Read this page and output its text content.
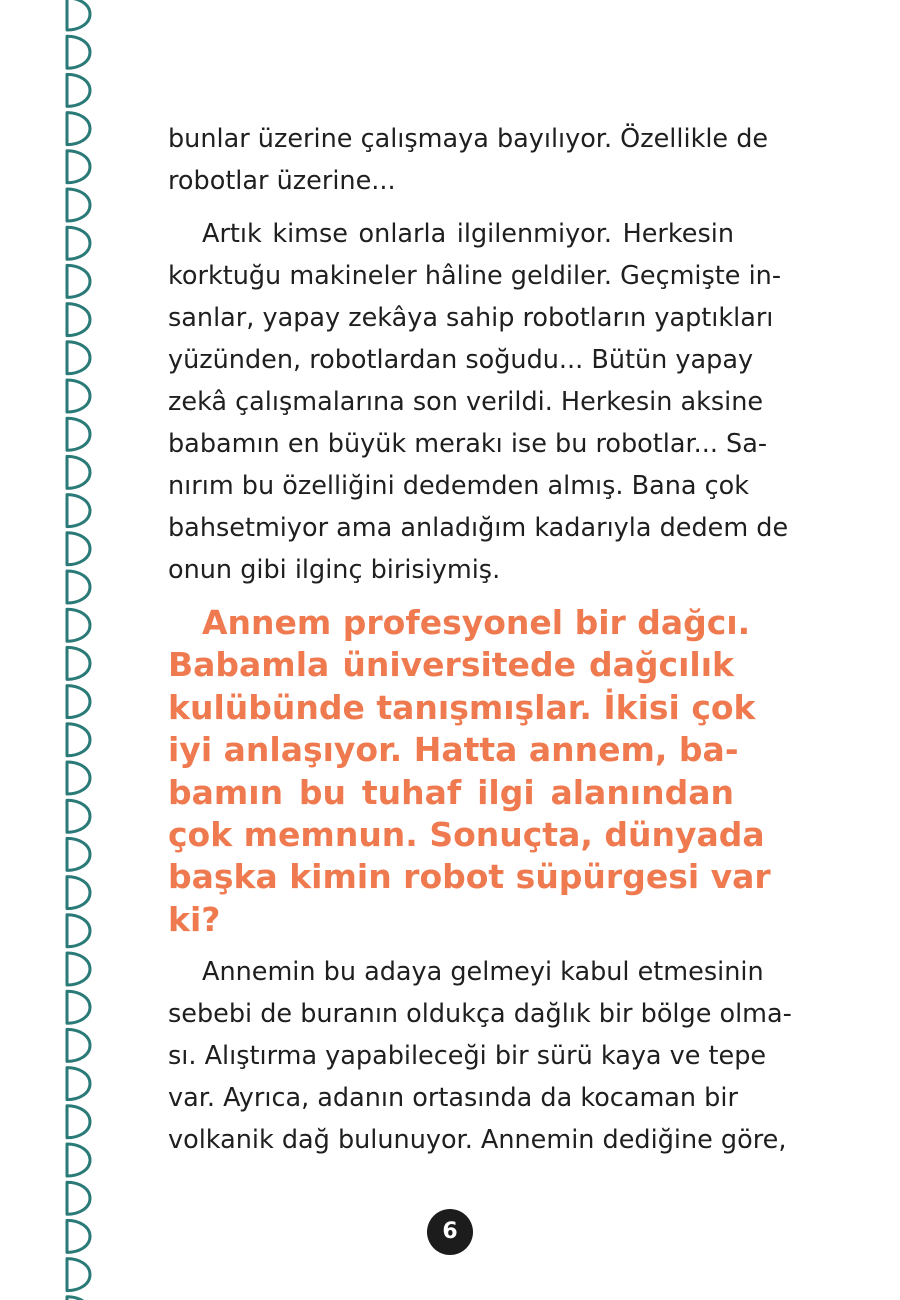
bunlar üzerine çalışmaya bayılıyor. Özellikle de
robotlar üzerine...
Artık kimse onlarla ilgilenmiyor. Herkesin
korktuğu makineler hâline geldiler. Geçmişte in-
sanlar, yapay zekâya sahip robotların yaptıkları
yüzünden, robotlardan soğudu... Bütün yapay
zekâ çalışmalarına son verildi. Herkesin aksine
babamın en büyük merakı ise bu robotlar... Sa-
nırım bu özelliğini dedemden almış. Bana çok
bahsetmiyor ama anladığım kadarıyla dedem de
onun gibi ilginç birisiymiş.
Annem profesyonel bir dağcı.
Babamla üniversitede dağcılık
kulübünde tanışmışlar. İkisi çok
iyi anlaşıyor. Hatta annem, ba-
bamın bu tuhaf ilgi alanından
çok memnun. Sonuçta, dünyada
başka kimin robot süpürgesi var
ki?
Annemin bu adaya gelmeyi kabul etmesinin
sebebi de buranın oldukça dağlık bir bölge olma-
sı. Alıştırma yapabileceği bir sürü kaya ve tepe
var. Ayrıca, adanın ortasında da kocaman bir
volkanik dağ bulunuyor. Annemin dediğine göre,
6
